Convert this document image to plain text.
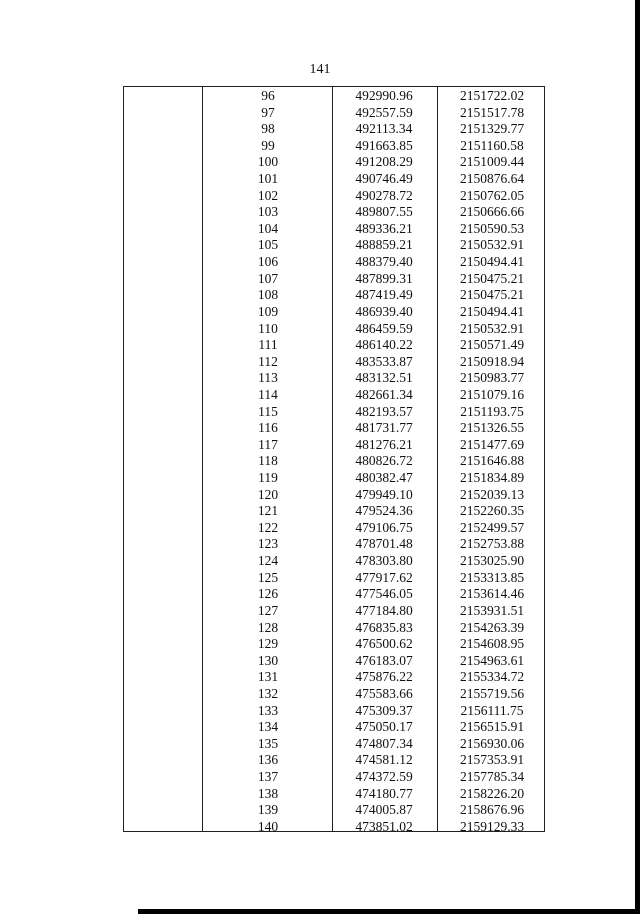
141
96	492990.96	2151722.02
97	492557.59	2151517.78
98	492113.34	2151329.77
99	491663.85	2151160.58
100	491208.29	2151009.44
101	490746.49	2150876.64
102	490278.72	2150762.05
103	489807.55	2150666.66
104	489336.21	2150590.53
105	488859.21	2150532.91
106	488379.40	2150494.41
107	487899.31	2150475.21
108	487419.49	2150475.21
109	486939.40	2150494.41
110	486459.59	2150532.91
111	486140.22	2150571.49
112	483533.87	2150918.94
113	483132.51	2150983.77
114	482661.34	2151079.16
115	482193.57	2151193.75
116	481731.77	2151326.55
117	481276.21	2151477.69
118	480826.72	2151646.88
119	480382.47	2151834.89
120	479949.10	2152039.13
121	479524.36	2152260.35
122	479106.75	2152499.57
123	478701.48	2152753.88
124	478303.80	2153025.90
125	477917.62	2153313.85
126	477546.05	2153614.46
127	477184.80	2153931.51
128	476835.83	2154263.39
129	476500.62	2154608.95
130	476183.07	2154963.61
131	475876.22	2155334.72
132	475583.66	2155719.56
133	475309.37	2156111.75
134	475050.17	2156515.91
135	474807.34	2156930.06
136	474581.12	2157353.91
137	474372.59	2157785.34
138	474180.77	2158226.20
139	474005.87	2158676.96
140	473851.02	2159129.33
